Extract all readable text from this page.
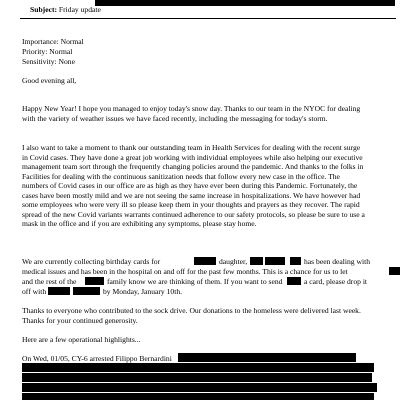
Subject: Friday update
Importance: Normal
Priority: Normal
Sensitivity: None
Good evening all,
Happy New Year! I hope you managed to enjoy today's snow day. Thanks to our team in the NYOC for dealing
with the variety of weather issues we have faced recently, including the messaging for today's storm.
I also want to take a moment to thank our outstanding team in Health Services for dealing with the recent surge
in Covid cases. They have done a great job working with individual employees while also helping our executive
management team sort through the frequently changing policies around the pandemic. And thanks to the folks in
Facilities for dealing with the continuous sanitization needs that follow every new case in the office. The
numbers of Covid cases in our office are as high as they have ever been during this Pandemic. Fortunately, the
cases have been mostly mild and we are not seeing the same increase in hospitalizations. We have however had
some employees who were very ill so please keep them in your thoughts and prayers as they recover. The rapid
spread of the new Covid variants warrants continued adherence to our safety protocols, so please be sure to use a
mask in the office and if you are exhibiting any symptoms, please stay home.
We are currently collecting birthday cards for	daughter,	has been dealing with
medical issues and has been in the hospital on and off for the past few months. This is a chance for us to let
and the rest of the	family know we are thinking of them. If you want to send	a card, please drop it
off with	by Monday, January 10th.
Thanks to everyone who contributed to the sock drive. Our donations to the homeless were delivered last week.
Thanks for your continued generosity.
Here are a few operational highlights...
On Wed, 01/05, CY-6 arrested Filippo Bernardini
